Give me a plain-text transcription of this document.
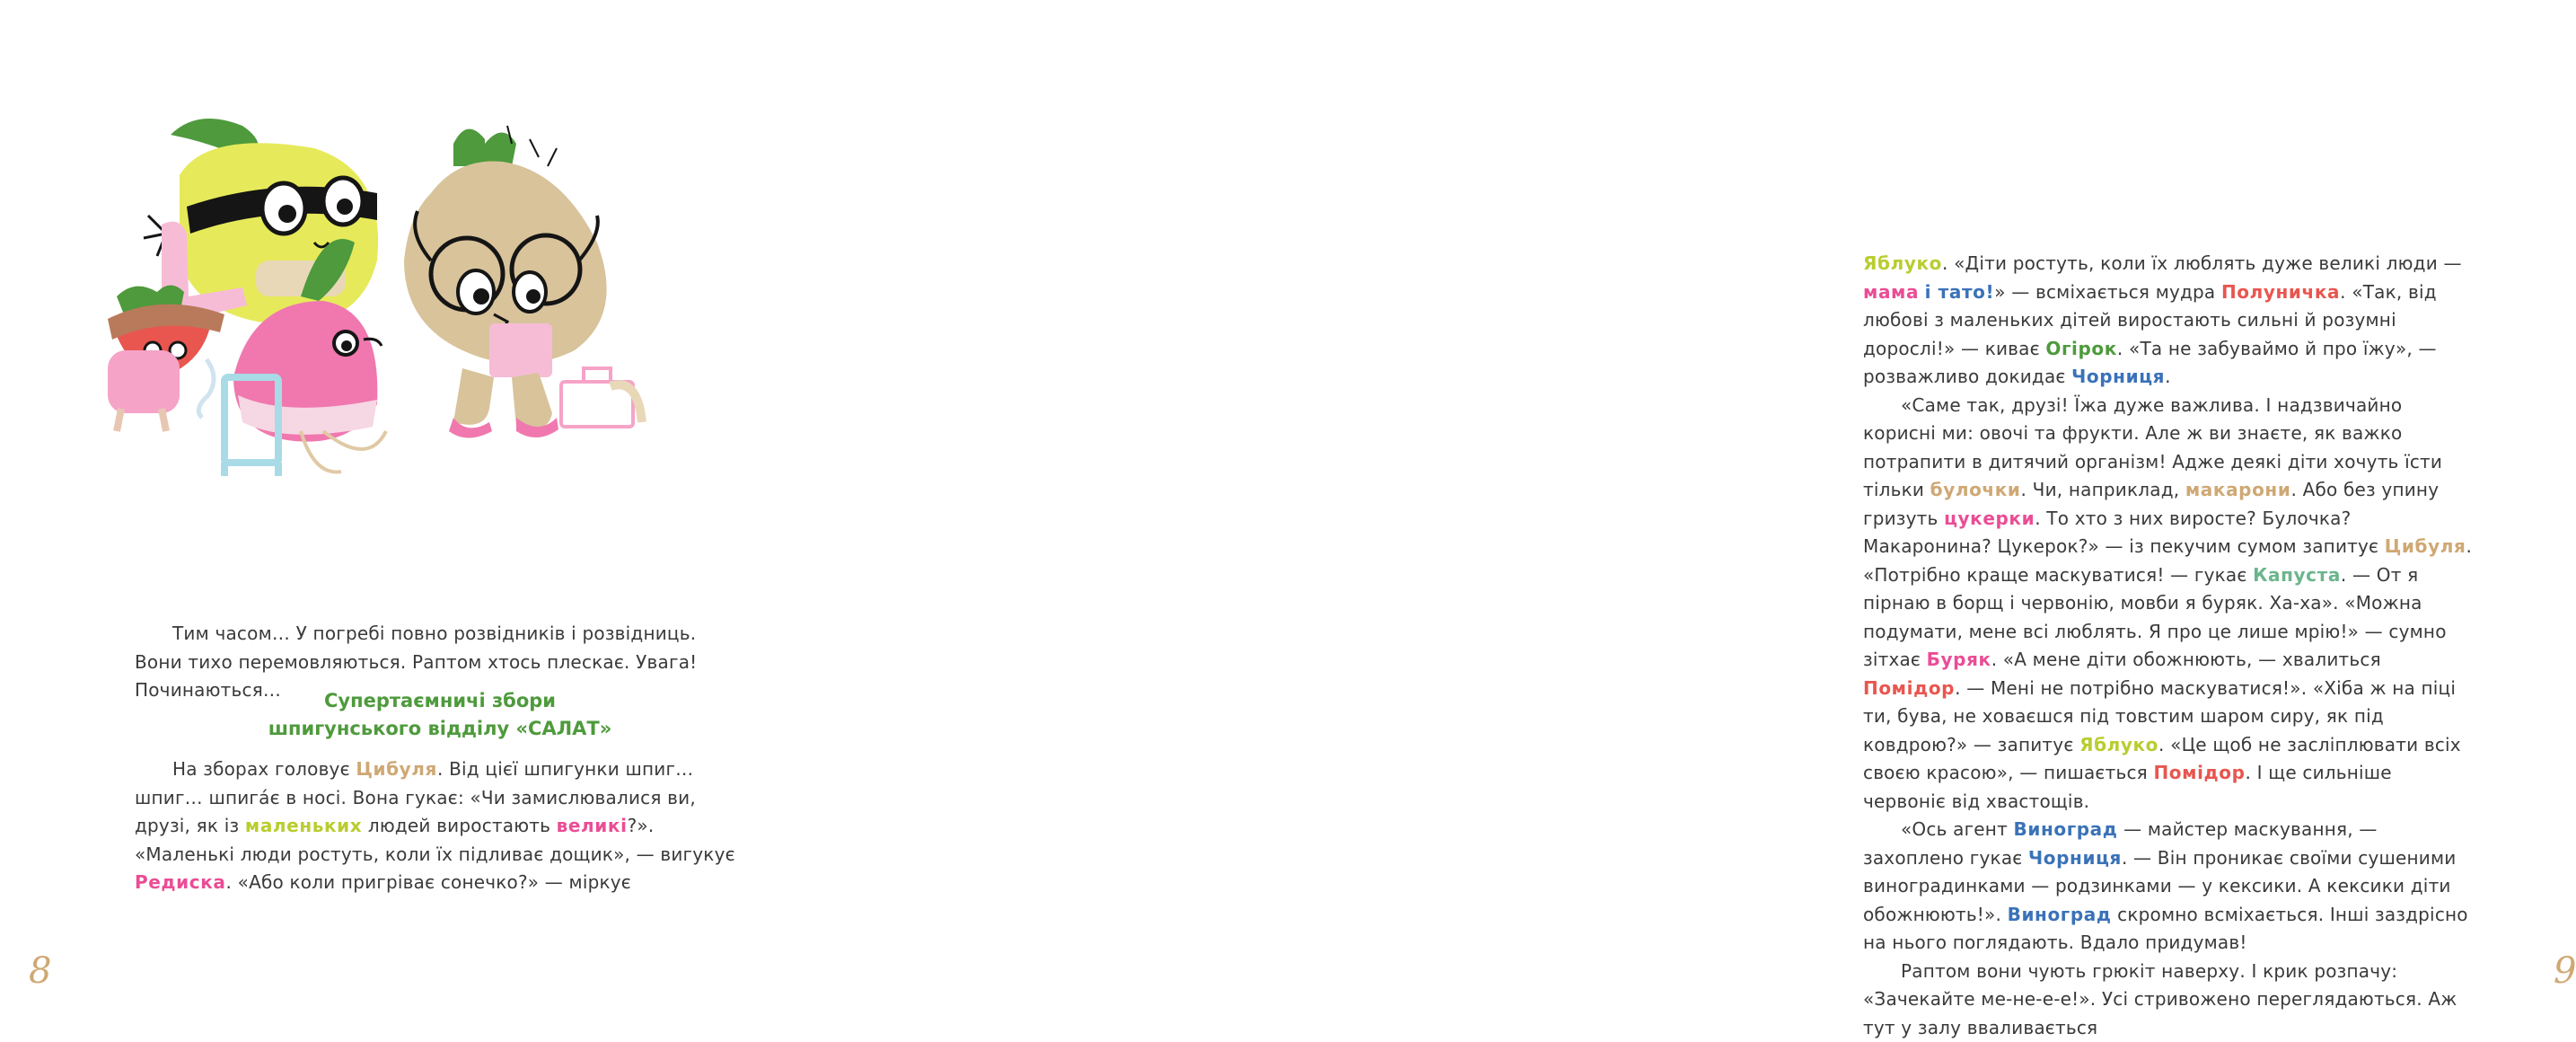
Тим часом… У погребі повно розвідників і розвідниць. Вони тихо перемовляються. Раптом хтось плескає. Увага! Починаються…	Супертаємничі збори
шпигунського відділу «САЛАТ»

На зборах головує Цибуля. Від цієї шпигунки шпиг… шпиг… шпигáє в носі. Вона гукає: «Чи замислювалися ви, друзі, як із маленьких людей виростають великі?». «Маленькі люди ростуть, коли їх підливає дощик», — вигукує Редиска. «Або коли пригріває сонечко?» — міркує

8

Яблуко. «Діти ростуть, коли їх люблять дуже великі люди — мама і тато!» — всміхається мудра Полуничка. «Так, від любові з маленьких дітей виростають сильні й розумні дорослі!» — киває Огірок. «Та не забуваймо й про їжу», — розважливо докидає Чорниця.

«Саме так, друзі! Їжа дуже важлива. І надзвичайно корисні ми: овочі та фрукти. Але ж ви знаєте, як важко потрапити в дитячий організм! Адже деякі діти хочуть їсти тільки булочки. Чи, наприклад, макарони. Або без упину гризуть цукерки. То хто з них виросте? Булочка? Макаронина? Цукерок?» — із пекучим сумом запитує Цибуля. «Потрібно краще маскуватися! — гукає Капуста. — От я пірнаю в борщ і червонію, мовби я буряк. Ха-ха». «Можна подумати, мене всі люблять. Я про це лише мрію!» — сумно зітхає Буряк. «А мене діти обожнюють, — хвалиться Помідор. — Мені не потрібно маскуватися!». «Хіба ж на піці ти, бува, не ховаєшся під товстим шаром сиру, як під ковдрою?» — запитує Яблуко. «Це щоб не засліплювати всіх своєю красою», — пишається Помідор. І ще сильніше червоніє від хвастощів.

«Ось агент Виноград — майстер маскування, — захоплено гукає Чорниця. — Він проникає своїми сушеними виноградинками — родзинками — у кексики. А кексики діти обожнюють!». Виноград скромно всміхається. Інші заздрісно на нього поглядають. Вдало придумав!

Раптом вони чують грюкіт наверху. І крик розпачу: «Зачекайте ме-не-е-е!». Усі стривожено переглядаються. Аж тут у залу вваливається

9
